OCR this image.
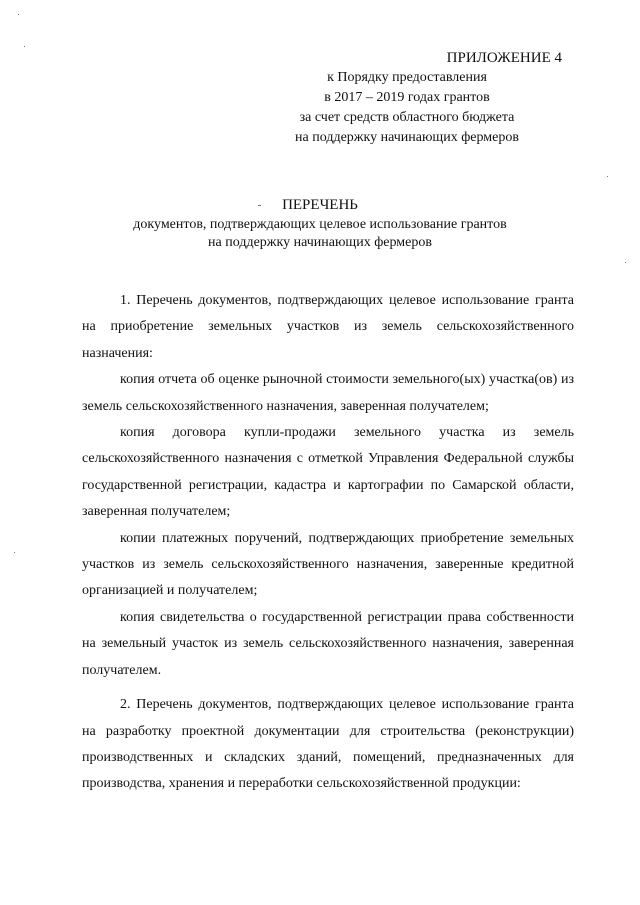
ПРИЛОЖЕНИЕ 4
к Порядку предоставления
в 2017 – 2019 годах грантов
за счет средств областного бюджета
на поддержку начинающих фермеров
ПЕРЕЧЕНЬ
документов, подтверждающих целевое использование грантов
на поддержку начинающих фермеров

1. Перечень документов, подтверждающих целевое использование гранта на приобретение земельных участков из земель сельскохозяйственного назначения:

копия отчета об оценке рыночной стоимости земельного(ых) участка(ов) из земель сельскохозяйственного назначения, заверенная получателем;

копия договора купли-продажи земельного участка из земель сельскохозяйственного назначения с отметкой Управления Федеральной службы государственной регистрации, кадастра и картографии по Самарской области, заверенная получателем;

копии платежных поручений, подтверждающих приобретение земельных участков из земель сельскохозяйственного назначения, заверенные кредитной организацией и получателем;

копия свидетельства о государственной регистрации права собственности на земельный участок из земель сельскохозяйственного назначения, заверенная получателем.

2. Перечень документов, подтверждающих целевое использование гранта на разработку проектной документации для строительства (реконструкции) производственных и складских зданий, помещений, предназначенных для производства, хранения и переработки сельскохозяйственной продукции:
